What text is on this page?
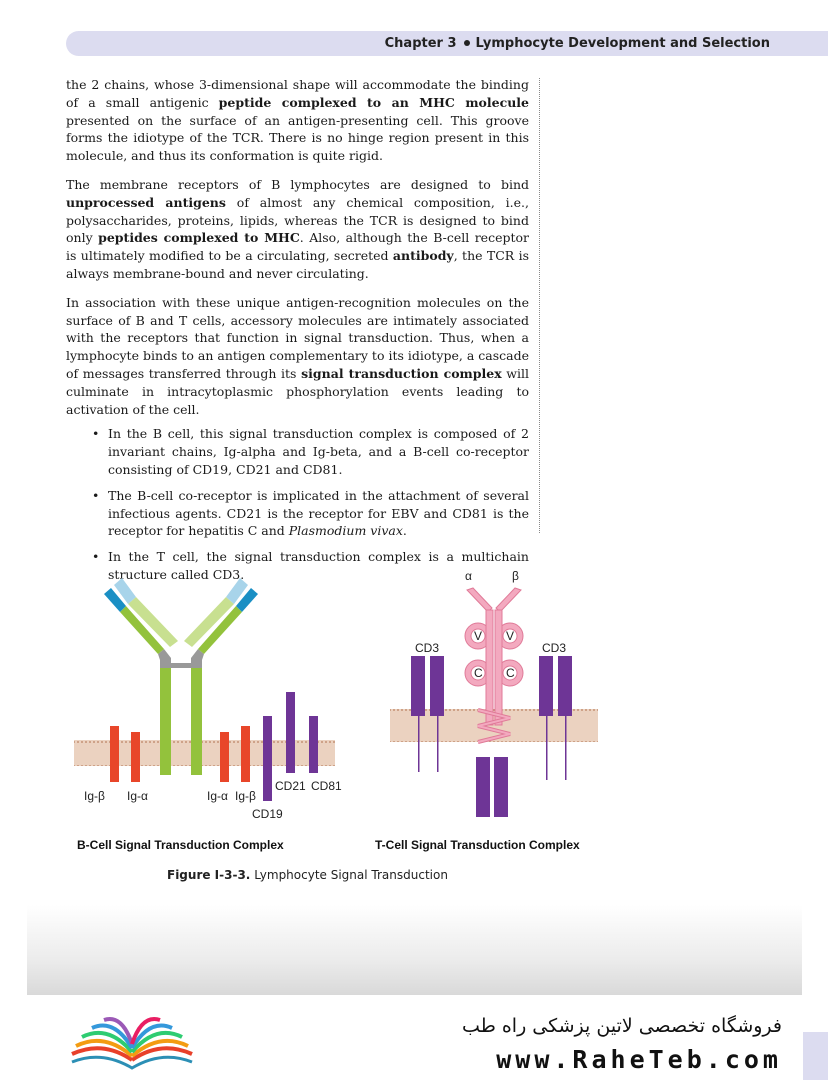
Chapter 3 Lymphocyte Development and Selection

the 2 chains, whose 3-dimensional shape will accommodate the binding of a small antigenic peptide complexed to an MHC molecule presented on the surface of an antigen-presenting cell. This groove forms the idiotype of the TCR. There is no hinge region present in this molecule, and thus its conformation is quite rigid.

The membrane receptors of B lymphocytes are designed to bind unprocessed antigens of almost any chemical composition, i.e., polysaccharides, proteins, lipids, whereas the TCR is designed to bind only peptides complexed to MHC. Also, although the B-cell receptor is ultimately modified to be a circulating, secreted antibody, the TCR is always membrane-bound and never circulating.

In association with these unique antigen-recognition molecules on the surface of B and T cells, accessory molecules are intimately associated with the receptors that function in signal transduction. Thus, when a lymphocyte binds to an antigen complementary to its idiotype, a cascade of messages transferred through its signal transduction complex will culminate in intracytoplasmic phosphorylation events leading to activation of the cell.

• In the B cell, this signal transduction complex is composed of 2 invariant chains, Ig-alpha and Ig-beta, and a B-cell co-receptor consisting of CD19, CD21 and CD81.
• The B-cell co-receptor is implicated in the attachment of several infectious agents. CD21 is the receptor for EBV and CD81 is the receptor for hepatitis C and Plasmodium vivax.
• In the T cell, the signal transduction complex is a multichain structure called CD3.
Ig-β Ig-α	Ig-α Ig-β
CD19
CD21 CD81
B-Cell Signal Transduction Complex
V V
C C
α	β
CD3	CD3
T-Cell Signal Transduction Complex
Figure I-3-3. Lymphocyte Signal Transduction
فروشگاه تخصصی لاتین پزشکی راه طب
www.RaheTeb.com
